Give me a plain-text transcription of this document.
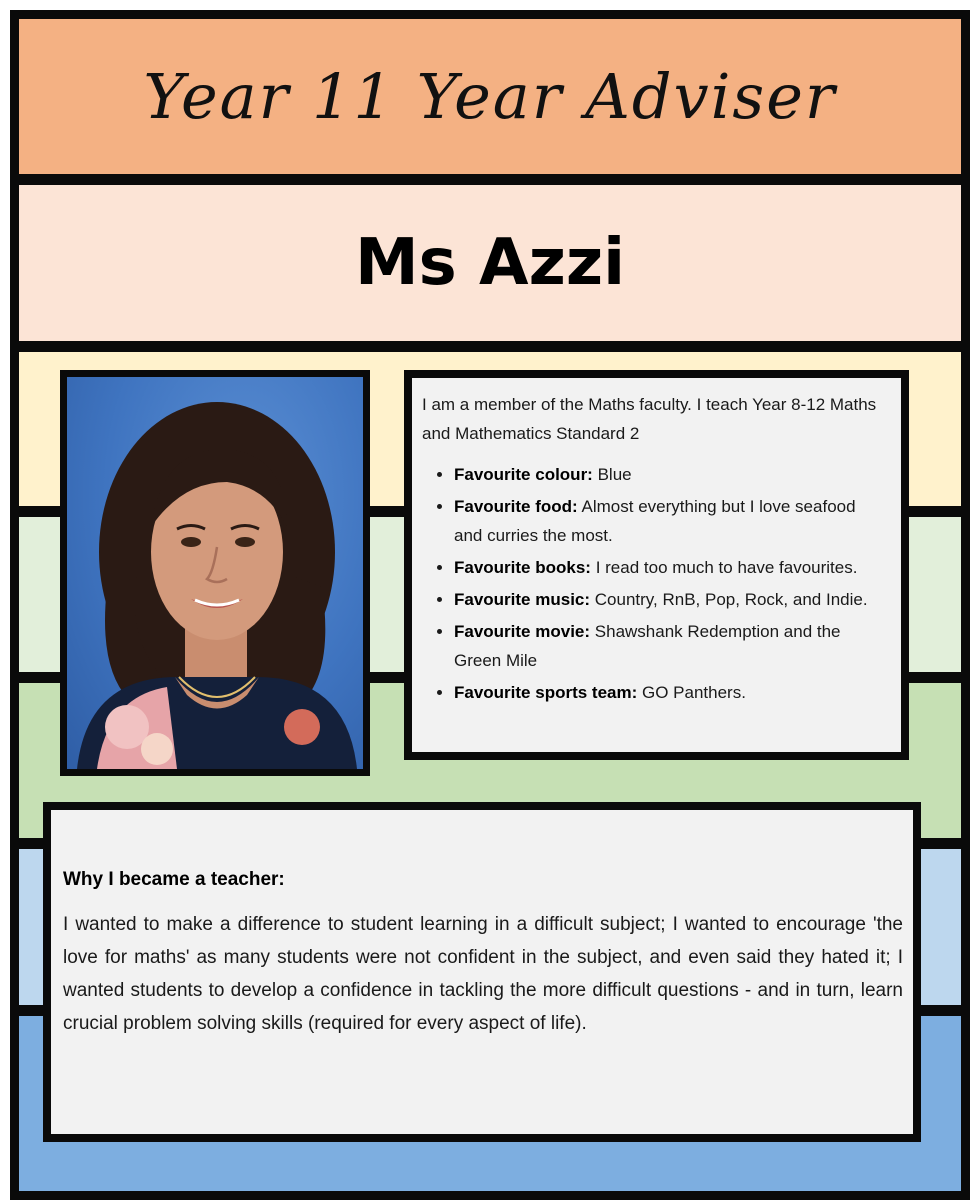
Year 11 Year Adviser
Ms Azzi

I am a member of the Maths faculty. I teach Year 8-12 Maths and Mathematics Standard 2

• Favourite colour: Blue
• Favourite food: Almost everything but I love seafood and curries the most.
• Favourite books: I read too much to have favourites.
• Favourite music: Country, RnB, Pop, Rock, and Indie.
• Favourite movie: Shawshank Redemption and the Green Mile
• Favourite sports team: GO Panthers.
Why I became a teacher:

I wanted to make a difference to student learning in a difficult subject; I wanted to encourage 'the love for maths' as many students were not confident in the subject, and even said they hated it; I wanted students to develop a confidence in tackling the more difficult questions - and in turn, learn crucial problem solving skills (required for every aspect of life).
